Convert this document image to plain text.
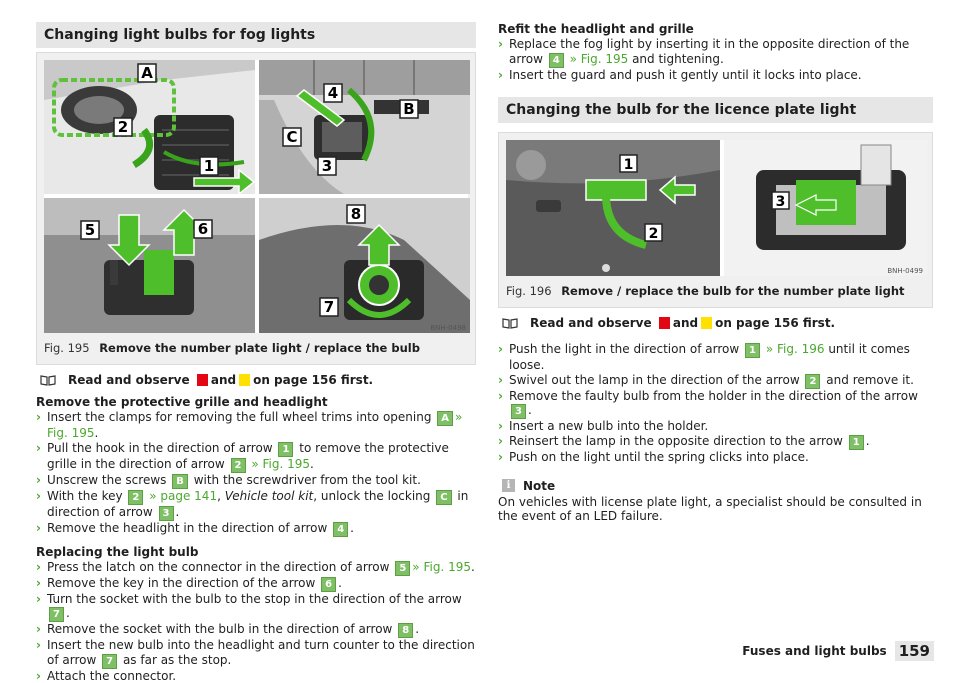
Changing light bulbs for fog lights
A
2
1
4
B
C
3
5	6
8
7
BNH-0498
Fig. 195 Remove the number plate light / replace the bulb
Read and observe
and on page 156 first.
Remove the protective grille and headlight
› Insert the clamps for removing the full wheel trims into opening A » Fig. 195.
› Pull the hook in the direction of arrow 1 to remove the protective grille in the direction of arrow 2 » Fig. 195.
› Unscrew the screws B with the screwdriver from the tool kit.
› With the key 2 » page 141, Vehicle tool kit, unlock the locking C in direction of arrow 3 .
› Remove the headlight in the direction of arrow 4 .
Replacing the light bulb
› Press the latch on the connector in the direction of arrow 5 » Fig. 195.
› Remove the key in the direction of the arrow 6 .
› Turn the socket with the bulb to the stop in the direction of the arrow 7 .
› Remove the socket with the bulb in the direction of arrow 8 .
› Insert the new bulb into the headlight and turn counter to the direction of arrow 7 as far as the stop.
› Attach the connector.
Refit the headlight and grille
› Replace the fog light by inserting it in the opposite direction of the arrow 4 » Fig. 195 and tightening.
› Insert the guard and push it gently until it locks into place.
Changing the bulb for the licence plate light
1
2
3
BNH-0499
Fig. 196 Remove / replace the bulb for the number plate light
Read and observe
and on page 156 first.
› Push the light in the direction of arrow 1 » Fig. 196 until it comes loose.
› Swivel out the lamp in the direction of the arrow 2 and remove it.
› Remove the faulty bulb from the holder in the direction of the arrow 3 .
› Insert a new bulb into the holder.
› Reinsert the lamp in the opposite direction to the arrow 1 .
› Push on the light until the spring clicks into place.
i	Note
On vehicles with license plate light, a specialist should be consulted in the event of an LED failure.
Fuses and light bulbs 159
